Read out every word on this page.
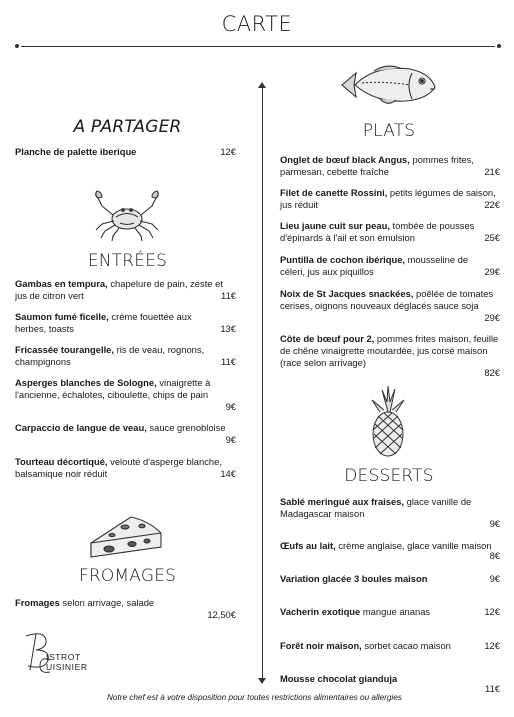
CARTE
A PARTAGER
Planche de palette iberique	12€
ENTRÉES
Gambas en tempura, chapelure de pain, zeste et jus de citron vert	11€
Saumon fumé ficelle, crème fouettée aux herbes, toasts	13€
Fricassée tourangelle, ris de veau, rognons, champignons	11€
Asperges blanches de Sologne, vinaigrette à l'ancienne, échalotes, ciboulette, chips de pain
9€
Carpaccio de langue de veau, sauce grenobloise
9€
Tourteau décortiqué, velouté d'asperge blanche, balsamique noir réduit	14€
FROMAGES
Fromages selon arrivage, salade
12,50€
ISTROT
UISINIER
PLATS
Onglet de bœuf black Angus, pommes frites, parmesan, cebette fraîche	21€
Filet de canette Rossini, petits légumes de saison, jus réduit	22€
Lieu jaune cuit sur peau, tombée de pousses d'épinards à l'ail et son émulsion	25€
Puntilla de cochon ibérique, mousseline de céleri, jus aux piquillos	29€
Noix de St Jacques snackées, poêlée de tomates cerises, oignons nouveaux déglacés sauce soja
29€
Côte de bœuf pour 2, pommes frites maison, feuille de chêne vinaigrette moutardée, jus corsé maison (race selon arrivage)
82€
DESSERTS
Sablé meringué aux fraises, glace vanille de Madagascar maison
9€
Œufs au lait, crème anglaise, glace vanille maison
8€
Variation glacée 3 boules maison	9€
Vacherin exotique mangue ananas	12€
Forêt noir maison, sorbet cacao maison	12€
Mousse chocolat gianduja
11€
Notre chef est à votre disposition pour toutes restrictions alimentaires ou allergies
